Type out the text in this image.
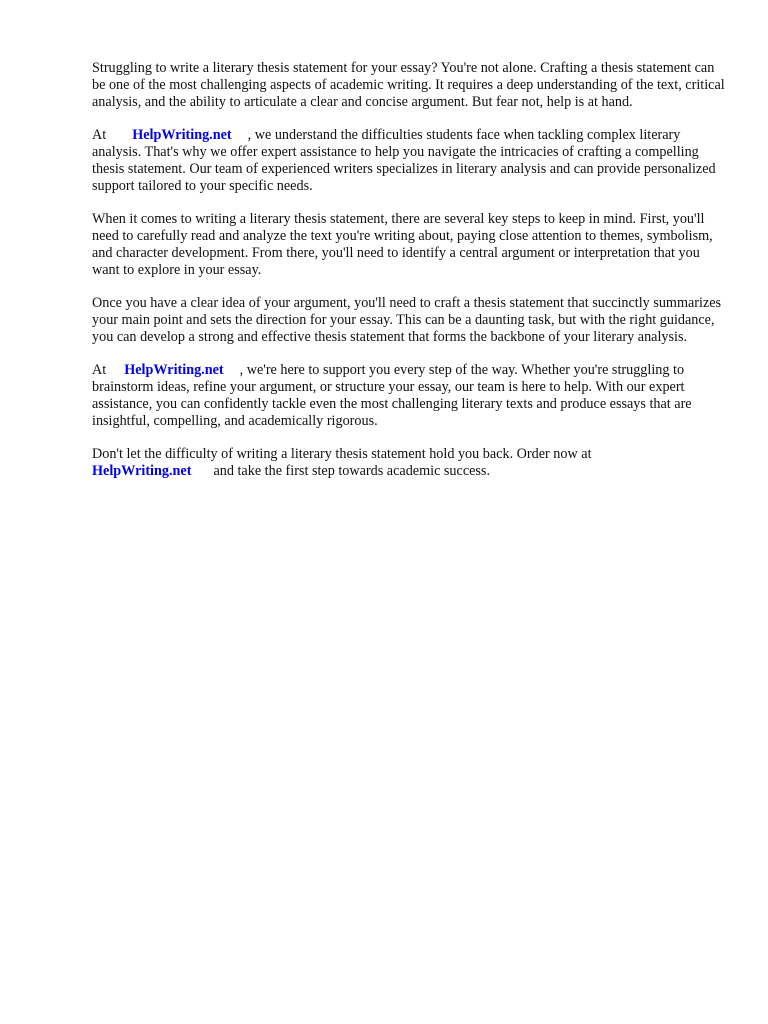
Struggling to write a literary thesis statement for your essay? You're not alone. Crafting a thesis statement can be one of the most challenging aspects of academic writing. It requires a deep understanding of the text, critical analysis, and the ability to articulate a clear and concise argument. But fear not, help is at hand.

At HelpWriting.net , we understand the difficulties students face when tackling complex literary analysis. That's why we offer expert assistance to help you navigate the intricacies of crafting a compelling thesis statement. Our team of experienced writers specializes in literary analysis and can provide personalized support tailored to your specific needs.

When it comes to writing a literary thesis statement, there are several key steps to keep in mind. First, you'll need to carefully read and analyze the text you're writing about, paying close attention to themes, symbolism, and character development. From there, you'll need to identify a central argument or interpretation that you want to explore in your essay.

Once you have a clear idea of your argument, you'll need to craft a thesis statement that succinctly summarizes your main point and sets the direction for your essay. This can be a daunting task, but with the right guidance, you can develop a strong and effective thesis statement that forms the backbone of your literary analysis.

At HelpWriting.net , we're here to support you every step of the way. Whether you're struggling to brainstorm ideas, refine your argument, or structure your essay, our team is here to help. With our expert assistance, you can confidently tackle even the most challenging literary texts and produce essays that are insightful, compelling, and academically rigorous.

Don't let the difficulty of writing a literary thesis statement hold you back. Order now at
HelpWriting.net and take the first step towards academic success.
